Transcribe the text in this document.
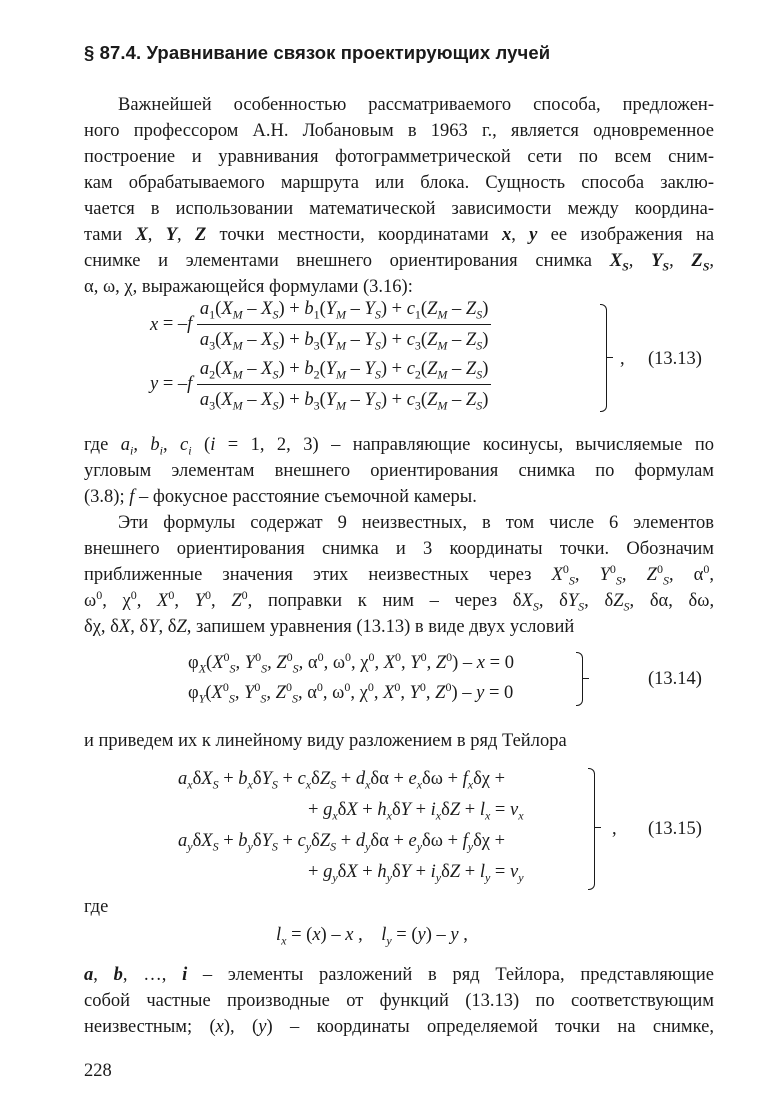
§ 87.4. Уравнивание связок проектирующих лучей
Важнейшей особенностью рассматриваемого способа, предложен-
ного профессором А.Н. Лобановым в 1963 г., является одновременное
построение и уравнивания фотограмметрической сети по всем сним-
кам обрабатываемого маршрута или блока. Сущность способа заклю-
чается в использовании математической зависимости между координа-
тами X, Y, Z точки местности, координатами x, y ее изображения на
снимке и элементами внешнего ориентирования снимка $X_S$, $Y_S$, $Z_S$,
α, ω, χ, выражающейся формулами (3.16):
$x = -f \frac{a_1(X_M - X_S) + b_1(Y_M - Y_S) + c_1(Z_M - Z_S)}{a_3(X_M - X_S) + b_3(Y_M - Y_S) + c_3(Z_M - Z_S)}$
$y = -f \frac{a_2(X_M - X_S) + b_2(Y_M - Y_S) + c_2(Z_M - Z_S)}{a_3(X_M - X_S) + b_3(Y_M - Y_S) + c_3(Z_M - Z_S)}$	, (13.13)
где $a_i$, $b_i$, $c_i$ (i = 1, 2, 3) – направляющие косинусы, вычисляемые по
угловым элементам внешнего ориентирования снимка по формулам
(3.8); f – фокусное расстояние съемочной камеры.
Эти формулы содержат 9 неизвестных, в том числе 6 элементов
внешнего ориентирования снимка и 3 координаты точки. Обозначим
приближенные значения этих неизвестных через $X^0_S$, $Y^0_S$, $Z^0_S$, $\alpha^0$,
$\omega^0$, $\chi^0$, $X^0$, $Y^0$, $Z^0$, поправки к ним – через $\delta X_S$, $\delta Y_S$, $\delta Z_S$, δα, δω,
δχ, δX, δY, δZ, запишем уравнения (13.13) в виде двух условий
$\varphi_X(X^0_S$, $Y^0_S$, $Z^0_S$, $\alpha^0$, $\omega^0$, $\chi^0$, $X^0$, $Y^0$, $Z^0) - x = 0$
$\varphi_Y(X^0_S$, $Y^0_S$, $Z^0_S$, $\alpha^0$, $\omega^0$, $\chi^0$, $X^0$, $Y^0$, $Z^0) - y = 0$
(13.14)
и приведем их к линейному виду разложением в ряд Тейлора
$a_x\delta X_S + b_x\delta Y_S + c_x\delta Z_S + d_x\delta\alpha + e_x\delta\omega + f_x\delta\chi$ +
+ $g_x\delta X + h_x\delta Y + i_x\delta Z + l_x = v_x$
$a_y\delta X_S + b_y\delta Y_S + c_y\delta Z_S + d_y\delta\alpha + e_y\delta\omega + f_y\delta\chi$ +
+ $g_y\delta X + h_y\delta Y + i_y\delta Z + l_y = v_y$
, (13.15)
где
$l_x = (x) - x$ ,    $l_y = (y) - y$ ,
a, b, …, i – элементы разложений в ряд Тейлора, представляющие
собой частные производные от функций (13.13) по соответствующим
неизвестным; (x), (y) – координаты определяемой точки на снимке,
228
